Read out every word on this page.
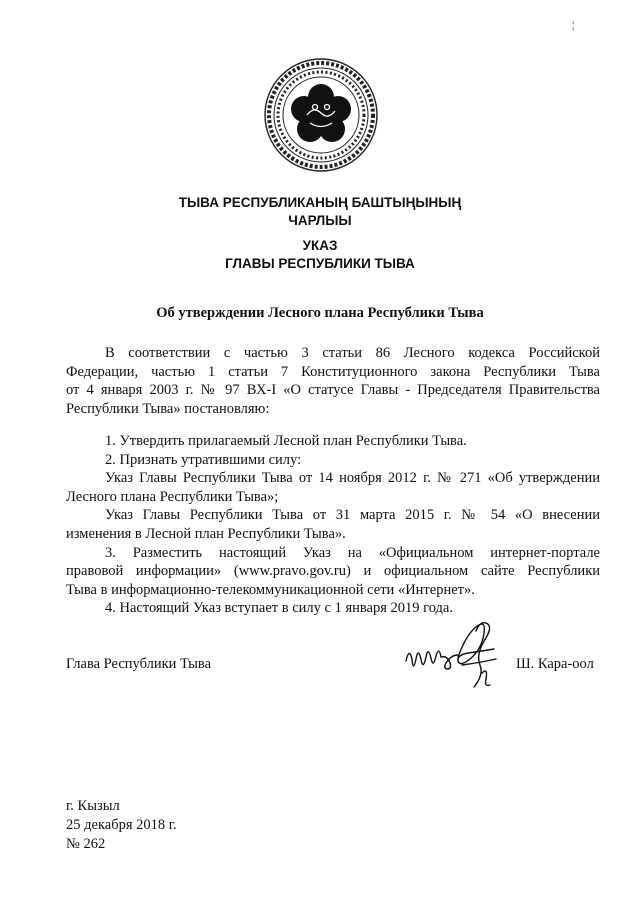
¦
ТЫВА РЕСПУБЛИКАНЫҢ БАШТЫҢЫНЫҢ
ЧАРЛЫЫ
УКАЗ
ГЛАВЫ РЕСПУБЛИКИ ТЫВА
Об утверждении Лесного плана Республики Тыва

В соответствии с частью 3 статьи 86 Лесного кодекса Российской

Федерации, частью 1 статьи 7 Конституционного закона Республики Тыва

от 4 января 2003 г. № 97 ВХ-I «О статусе Главы - Председателя Правительства

Республики Тыва» постановляю:

1. Утвердить прилагаемый Лесной план Республики Тыва.

2. Признать утратившими силу:

Указ Главы Республики Тыва от 14 ноября 2012 г. № 271 «Об утверждении

Лесного плана Республики Тыва»;

Указ Главы Республики Тыва от 31 марта 2015 г. № 54 «О внесении

изменения в Лесной план Республики Тыва».

3. Разместить настоящий Указ на «Официальном интернет-портале

правовой информации» (www.pravo.gov.ru) и официальном сайте Республики

Тыва в информационно-телекоммуникационной сети «Интернет».

4. Настоящий Указ вступает в силу с 1 января 2019 года.

Глава Республики Тыва	Ш. Кара-оол
г. Кызыл
25 декабря 2018 г.
№ 262
